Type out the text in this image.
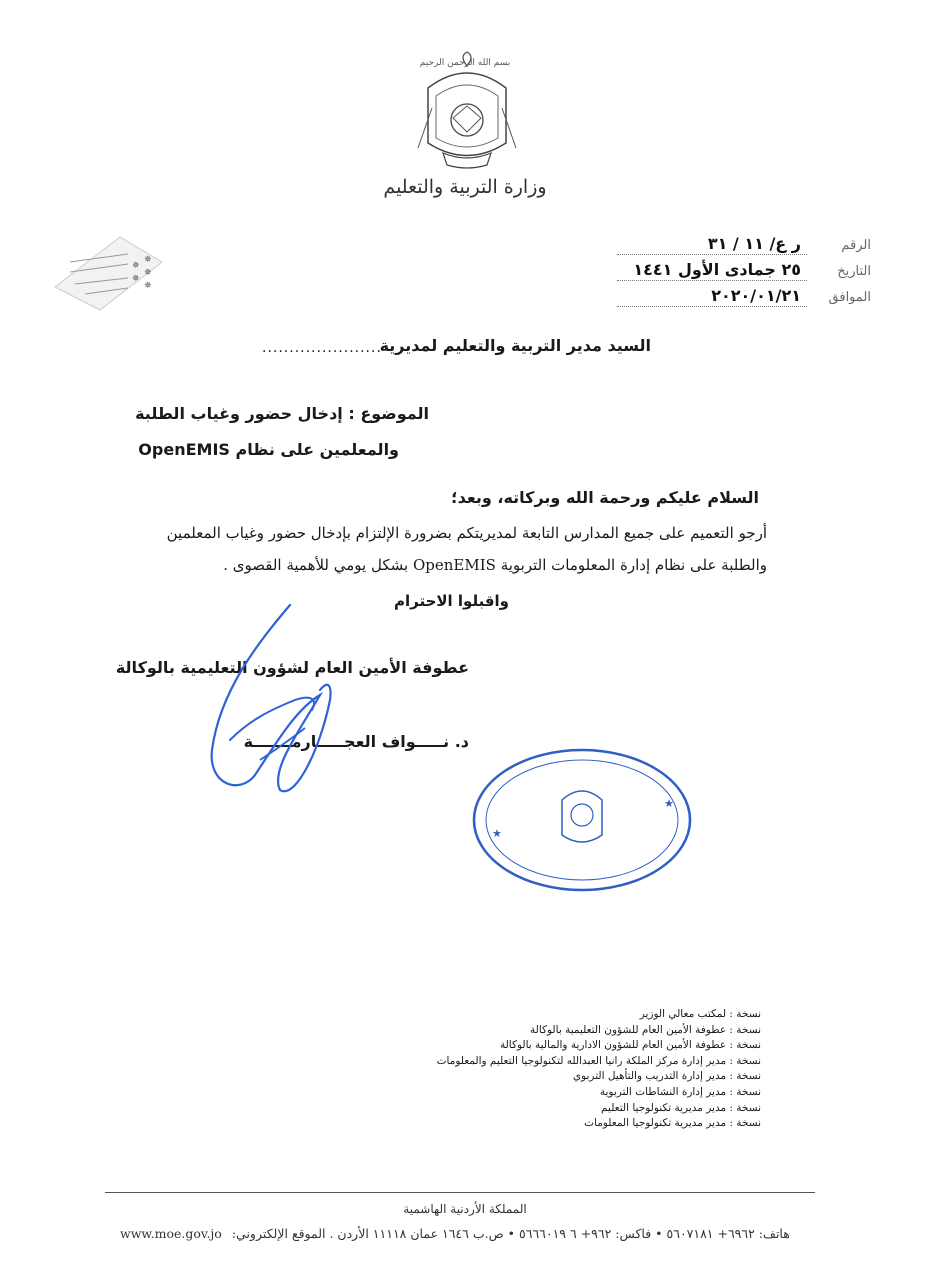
بسم الله الرحمن الرحيم
وزارة التربية والتعليم
✵
✵
✵
✵
✵
الرقم
ر ع/ ۱۱ / ۳۱
التاريخ
۲٥ جمادى الأول ۱٤٤۱
الموافق
۲۰۲۰/۰۱/۲۱
السيد مدير التربية والتعليم لمديرية
......................
الموضوع : إدخال حضور وغياب الطلبة
والمعلمين على نظام OpenEMIS
السلام عليكم ورحمة الله وبركاته، وبعد؛
أرجو التعميم على جميع المدارس التابعة لمديريتكم بضرورة الإلتزام بإدخال حضور وغياب المعلمين
والطلبة على نظام إدارة المعلومات التربوية OpenEMIS بشكل يومي للأهمية القصوى .
واقبلوا الاحترام
عطوفة الأمين العام لشؤون التعليمية بالوكالة
د. نـــــواف العجـــــارمـــــــة
★
★
نسخة : لمكتب معالي الوزير
نسخة : عطوفة الأمين العام للشؤون التعليمية بالوكالة
نسخة : عطوفة الأمين العام للشؤون الادارية والمالية بالوكالة
نسخة : مدير إدارة مركز الملكة رانيا العبدالله لتكنولوجيا التعليم والمعلومات
نسخة : مدير إدارة التدريب والتأهيل التربوي
نسخة : مدير إدارة النشاطات التربوية
نسخة : مدير مديرية تكنولوجيا التعليم
نسخة : مدير مديرية تكنولوجيا المعلومات
المملكة الأردنية الهاشمية
www.moe.gov.jo هاتف: ٦٩٦٢+ ٥٦٠٧١٨١ • فاكس: ٩٦٢+ ٦ ٥٦٦٦٠١٩ • ص.ب ١٦٤٦ عمان ١١١١٨ الأردن . الموقع الإلكتروني:
